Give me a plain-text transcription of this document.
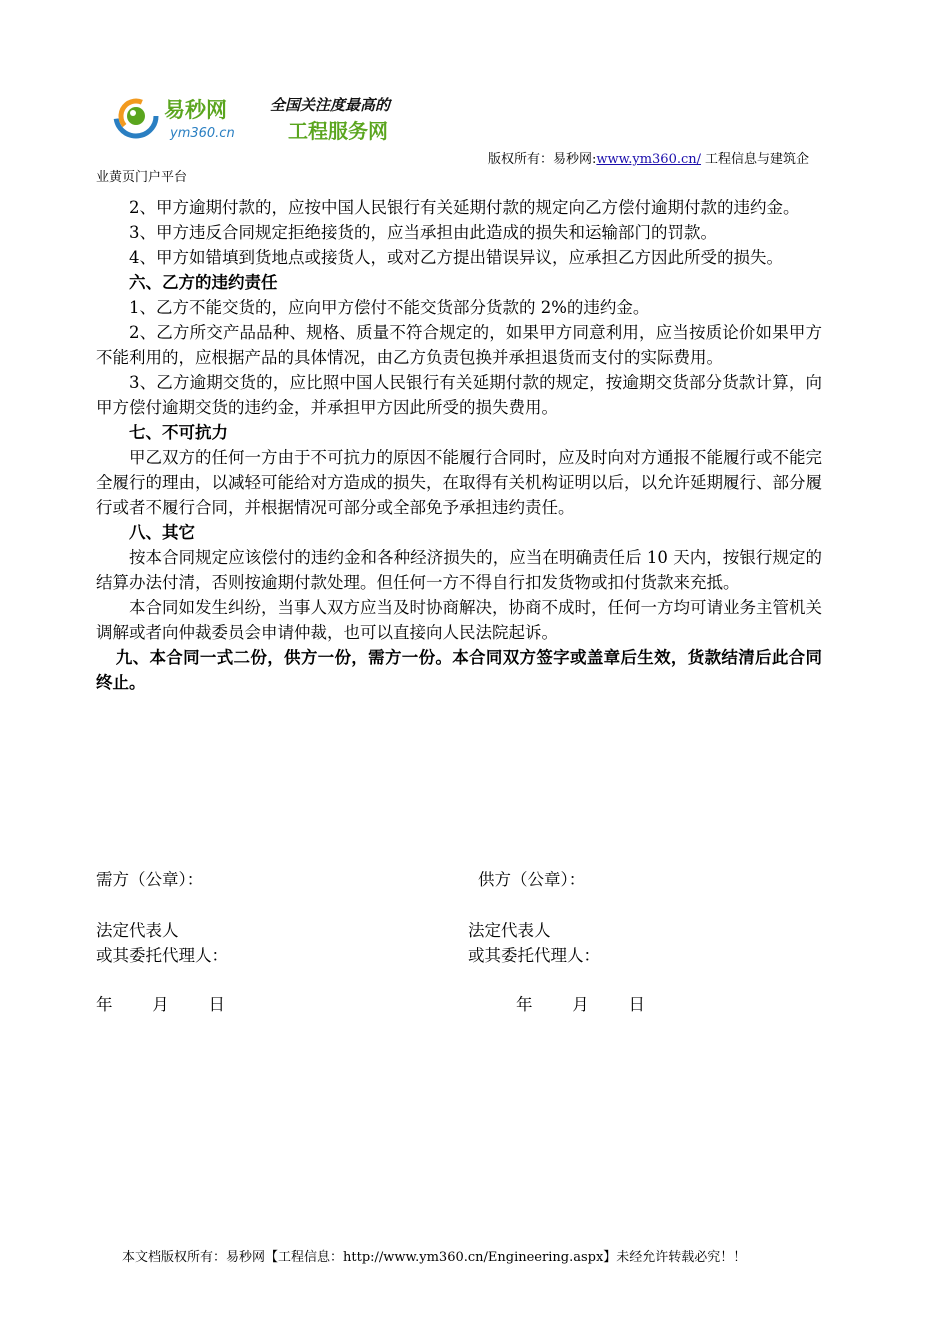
易秒网
ym360.cn
全国关注度最高的
工程服务网
版权所有：易秒网:www.ym360.cn/ 工程信息与建筑企
业黄页门户平台

2、甲方逾期付款的，应按中国人民银行有关延期付款的规定向乙方偿付逾期付款的违约金。

3、甲方违反合同规定拒绝接货的，应当承担由此造成的损失和运输部门的罚款。

4、甲方如错填到货地点或接货人，或对乙方提出错误异议，应承担乙方因此所受的损失。

六、乙方的违约责任

1、乙方不能交货的，应向甲方偿付不能交货部分货款的 2%的违约金。

2、乙方所交产品品种、规格、质量不符合规定的，如果甲方同意利用，应当按质论价如果甲方不能利用的，应根据产品的具体情况，由乙方负责包换并承担退货而支付的实际费用。

3、乙方逾期交货的，应比照中国人民银行有关延期付款的规定，按逾期交货部分货款计算，向甲方偿付逾期交货的违约金，并承担甲方因此所受的损失费用。

七、不可抗力

甲乙双方的任何一方由于不可抗力的原因不能履行合同时，应及时向对方通报不能履行或不能完全履行的理由，以减轻可能给对方造成的损失，在取得有关机构证明以后，以允许延期履行、部分履行或者不履行合同，并根据情况可部分或全部免予承担违约责任。

八、其它

按本合同规定应该偿付的违约金和各种经济损失的，应当在明确责任后 10 天内，按银行规定的结算办法付清，否则按逾期付款处理。但任何一方不得自行扣发货物或扣付货款来充抵。

本合同如发生纠纷，当事人双方应当及时协商解决，协商不成时，任何一方均可请业务主管机关调解或者向仲裁委员会申请仲裁，也可以直接向人民法院起诉。

九、本合同一式二份，供方一份，需方一份。本合同双方签字或盖章后生效，货款结清后此合同终止。

需方（公章）：	供方（公章）：
法定代表人	法定代表人
或其委托代理人：	或其委托代理人：
年   月   日	年   月   日
本文档版权所有：易秒网【工程信息：http://www.ym360.cn/Engineering.aspx】未经允许转载必究！！
